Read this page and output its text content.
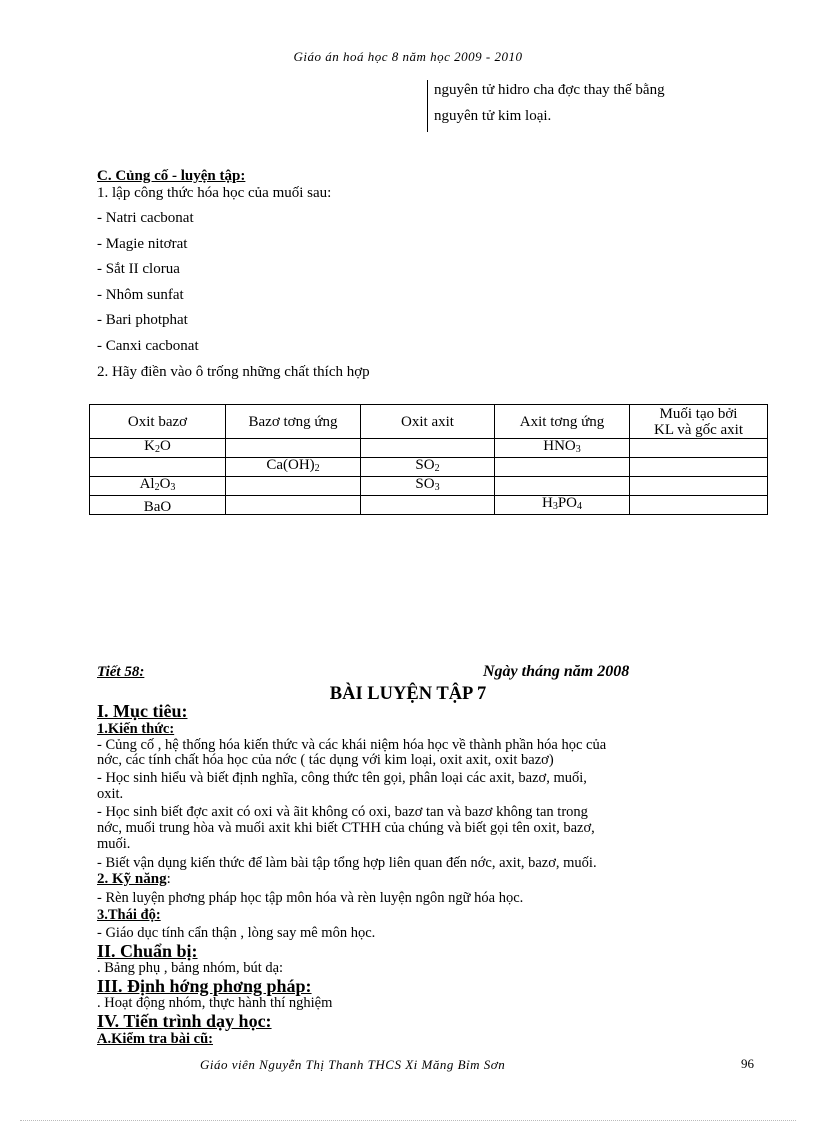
Giáo án hoá học 8 năm học 2009 - 2010
nguyên tử hidro cha đợc thay thế bằng
nguyên tử kim loại.
C. Củng cố - luyện tập:
1. lập công thức hóa học của muối sau:
- Natri cacbonat
- Magie nitơrat
- Sắt II clorua
- Nhôm sunfat
- Bari photphat
- Canxi cacbonat
2. Hãy điền vào ô trống những chất thích hợp
Oxit bazơ	Bazơ tơng ứng	Oxit axit	Axit tơng ứng	Muối tạo bởi
KL và gốc axit
$K_2O$			$HNO_3$	
	$Ca(OH)_2$	$SO_2$		
$Al_2O_3$		$SO_3$		
BaO			$H_3PO_4$	
Tiết 58:	Ngày tháng năm 2008
BÀI LUYỆN TẬP 7
I. Mục tiêu:
1.Kiến thức:
- Củng cố , hệ thống hóa kiến thức và các khái niệm hóa học về thành phần hóa học của
nớc, các tính chất hóa học của nớc ( tác dụng với kim loại, oxit axit, oxit bazơ)
- Học sinh hiểu và biết định nghĩa, công thức tên gọi, phân loại các axit, bazơ, muối,
oxit.
- Học sinh biết đợc axit có oxi và ãit không có oxi, bazơ tan và bazơ không tan trong
nớc, muối trung hòa và muối axit khi biết CTHH của chúng và biết gọi tên oxit, bazơ,
muối.
- Biết vận dụng kiến thức để làm bài tập tổng hợp liên quan đến nớc, axit, bazơ, muối.
2. Kỹ năng:
- Rèn luyện phơng pháp học tập môn hóa và rèn luyện ngôn ngữ hóa học.
3.Thái độ:
- Giáo dục tính cẩn thận , lòng say mê môn học.
II. Chuẩn bị:
. Bảng phụ , bảng nhóm, bút dạ:
III. Định hớng phơng pháp:
. Hoạt động nhóm, thực hành thí nghiệm
IV. Tiến trình dạy học:
A.Kiểm tra bài cũ:
Giáo viên Nguyễn Thị Thanh THCS Xi Măng Bỉm Sơn	96
